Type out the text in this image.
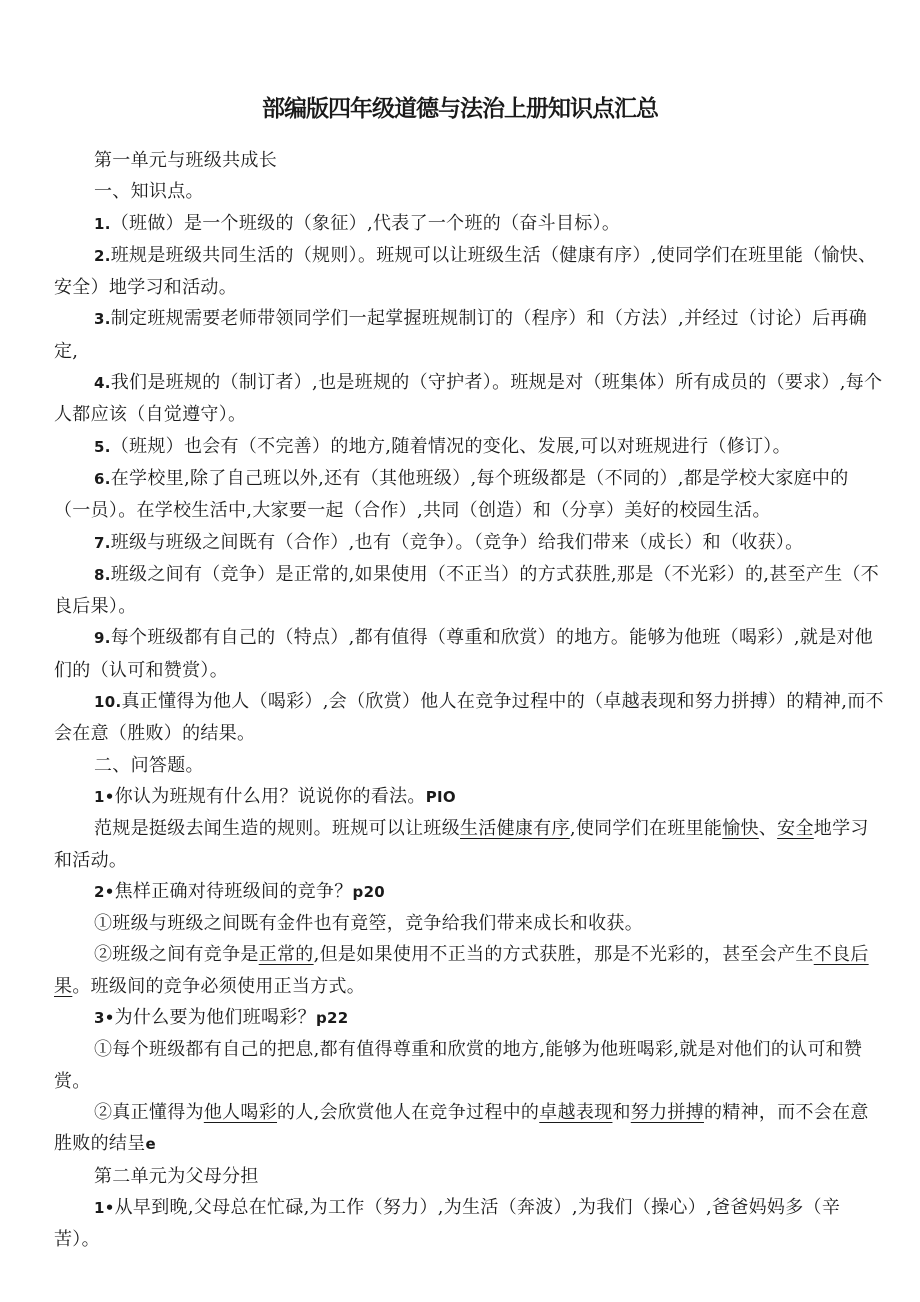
部编版四年级道德与法治上册知识点汇总

第一单元与班级共成长

一、知识点。

1.（班做）是一个班级的（象征）,代表了一个班的（奋斗目标）。

2.班规是班级共同生活的（规则）。班规可以让班级生活（健康有序）,使同学们在班里能（愉快、安全）地学习和活动。

3.制定班规需要老师带领同学们一起掌握班规制订的（程序）和（方法）,并经过（讨论）后再确定,

4.我们是班规的（制订者）,也是班规的（守护者）。班规是对（班集体）所有成员的（要求）,每个人都应该（自觉遵守）。

5.（班规）也会有（不完善）的地方,随着情况的变化、发展,可以对班规进行（修订）。

6.在学校里,除了自己班以外,还有（其他班级）,每个班级都是（不同的）,都是学校大家庭中的（一员）。在学校生活中,大家要一起（合作）,共同（创造）和（分享）美好的校园生活。

7.班级与班级之间既有（合作）,也有（竞争）。（竞争）给我们带来（成长）和（收获）。

8.班级之间有（竞争）是正常的,如果使用（不正当）的方式获胜,那是（不光彩）的,甚至产生（不良后果）。

9.每个班级都有自己的（特点）,都有值得（尊重和欣赏）的地方。能够为他班（喝彩）,就是对他们的（认可和赞赏）。

10.真正懂得为他人（喝彩）,会（欣赏）他人在竞争过程中的（卓越表现和努力拼搏）的精神,而不会在意（胜败）的结果。

二、问答题。

1•你认为班规有什么用？说说你的看法。PIO

范规是挺级去闻生造的规则。班规可以让班级生活健康有序,使同学们在班里能愉快、安全地学习和活动。

2•焦样正确对待班级间的竞争？p20

①班级与班级之间既有金件也有竟箜，竞争给我们带来成长和收获。

②班级之间有竞争是正常的,但是如果使用不正当的方式获胜，那是不光彩的，甚至会产生不良后果。班级间的竞争必须使用正当方式。

3•为什么要为他们班喝彩？p22

①每个班级都有自己的把息,都有值得尊重和欣赏的地方,能够为他班喝彩,就是对他们的认可和赞赏。

②真正懂得为他人喝彩的人,会欣赏他人在竞争过程中的卓越表现和努力拼搏的精神，而不会在意胜败的结呈e

第二单元为父母分担

1•从早到晚,父母总在忙碌,为工作（努力）,为生活（奔波）,为我们（操心）,爸爸妈妈多（辛苦）。
